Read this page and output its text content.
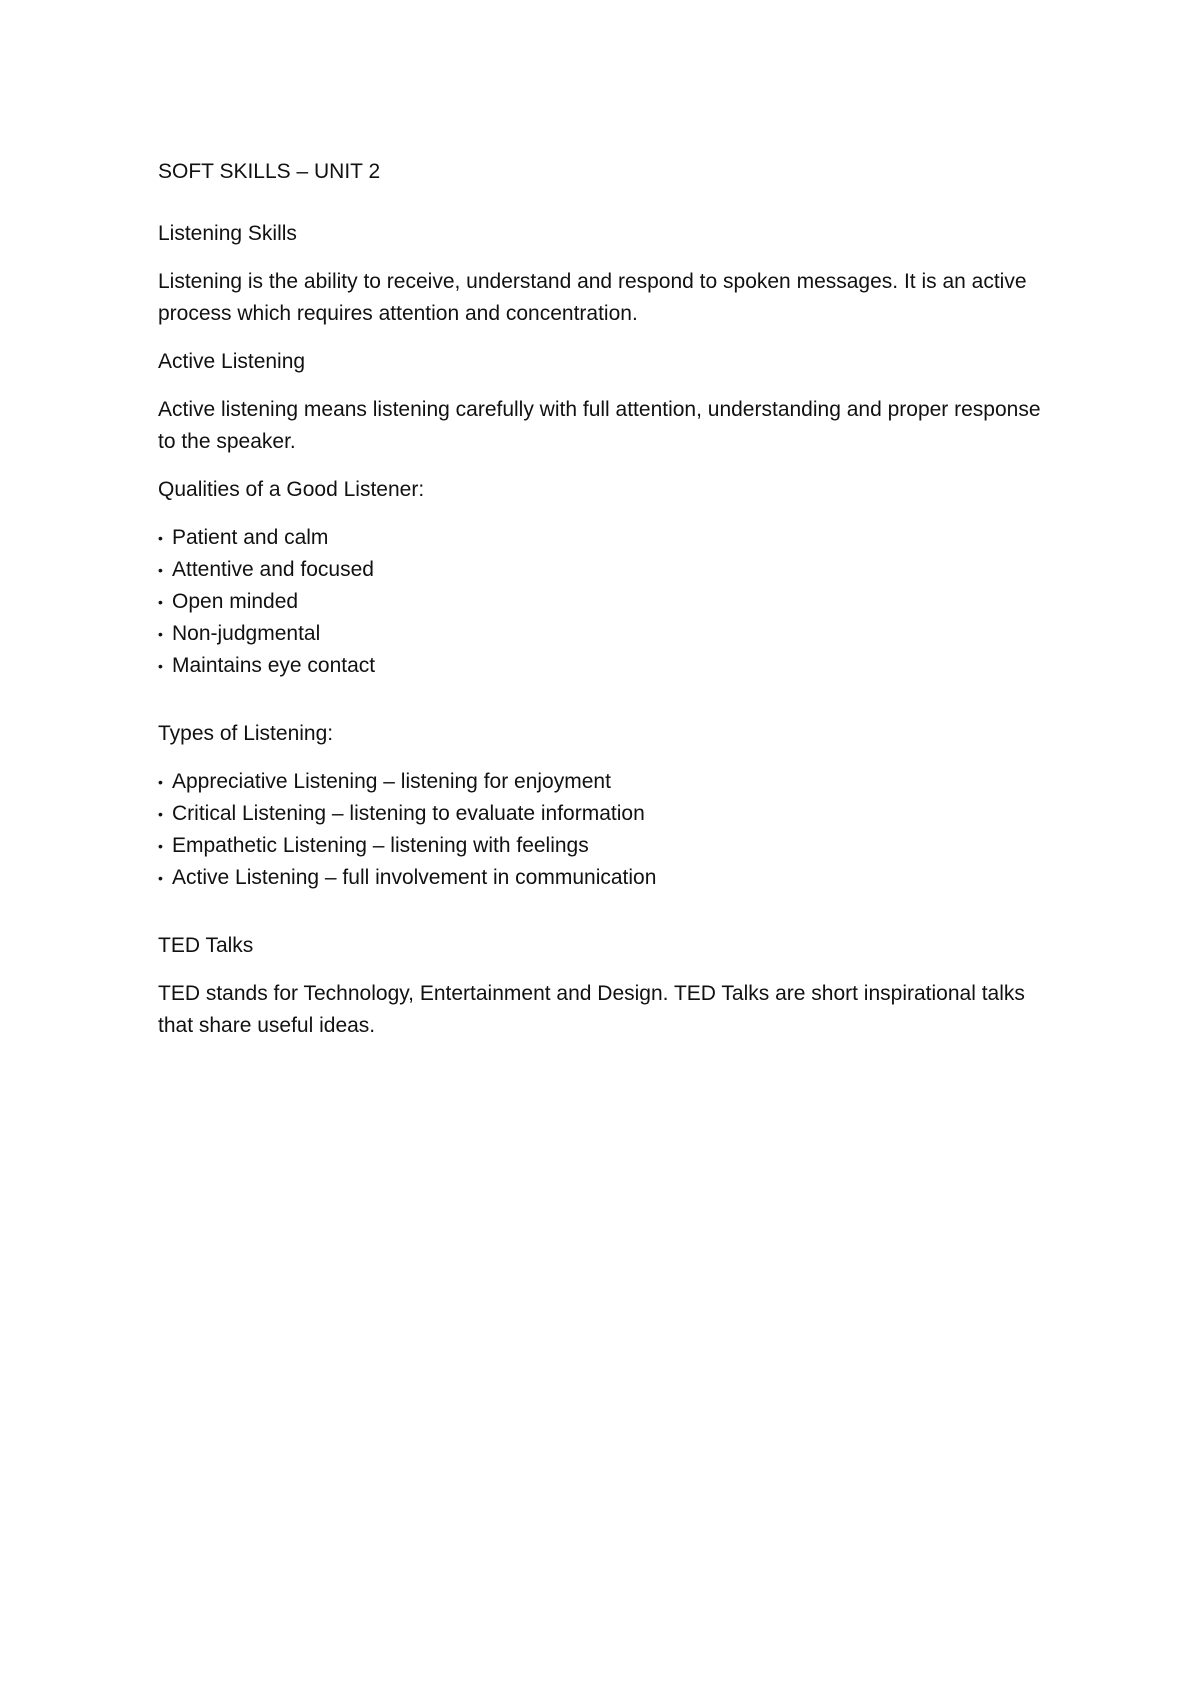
SOFT SKILLS – UNIT 2
Listening Skills
Listening is the ability to receive, understand and respond to spoken messages. It is an active process which requires attention and concentration.
Active Listening
Active listening means listening carefully with full attention, understanding and proper response to the speaker.
Qualities of a Good Listener:
• Patient and calm
• Attentive and focused
• Open minded
• Non-judgmental
• Maintains eye contact
Types of Listening:
• Appreciative Listening – listening for enjoyment
• Critical Listening – listening to evaluate information
• Empathetic Listening – listening with feelings
• Active Listening – full involvement in communication
TED Talks
TED stands for Technology, Entertainment and Design. TED Talks are short inspirational talks that share useful ideas.
